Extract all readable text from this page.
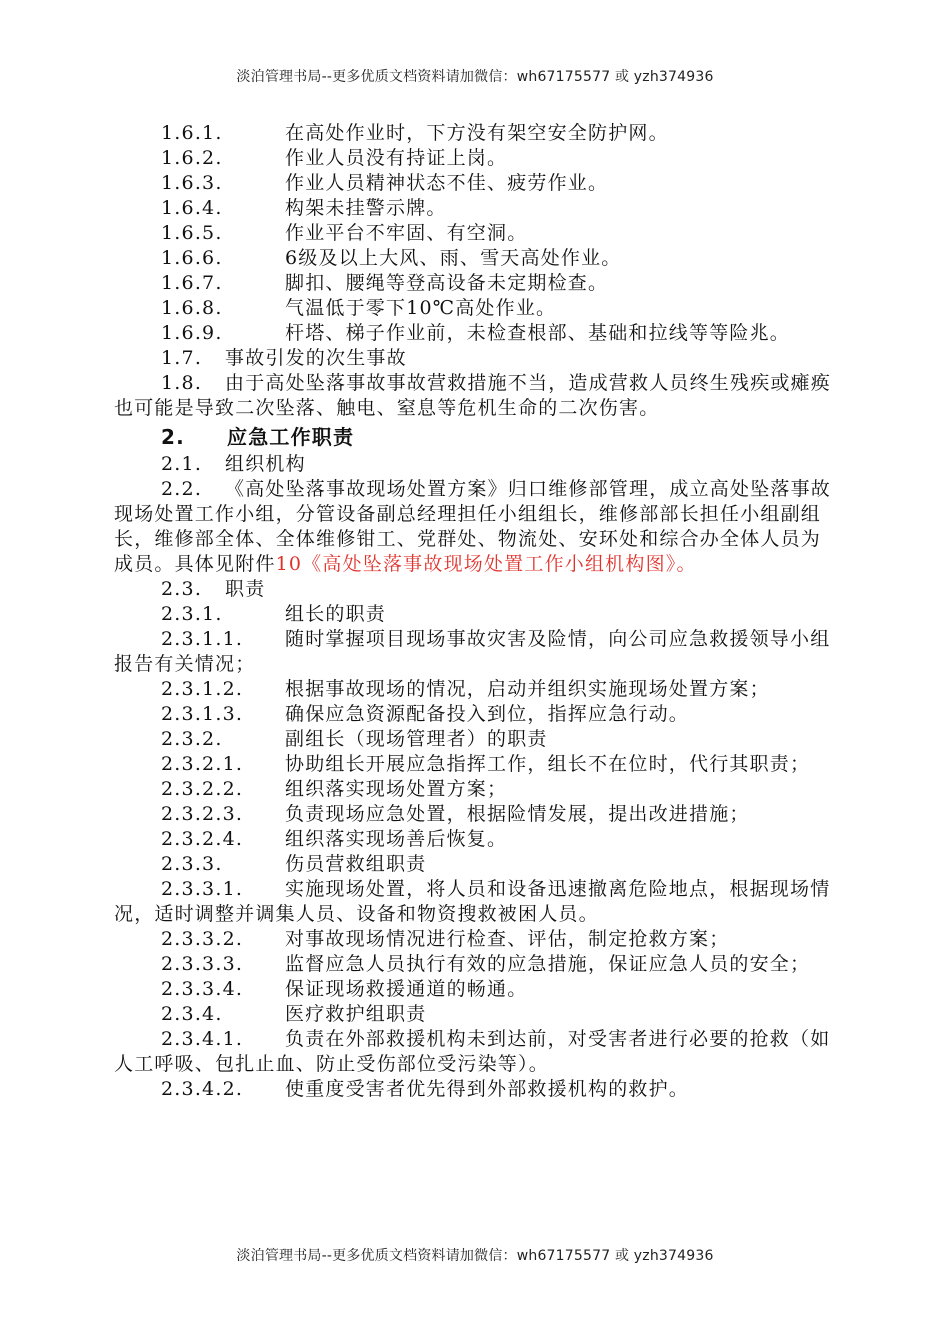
淡泊管理书局--更多优质文档资料请加微信：wh67175577 或 yzh374936

1.6.1.	在高处作业时，下方没有架空安全防护网。

1.6.2.	作业人员没有持证上岗。

1.6.3.	作业人员精神状态不佳、疲劳作业。

1.6.4.	构架未挂警示牌。

1.6.5.	作业平台不牢固、有空洞。

1.6.6.	6级及以上大风、雨、雪天高处作业。

1.6.7.	脚扣、腰绳等登高设备未定期检查。

1.6.8.	气温低于零下10℃高处作业。

1.6.9.	杆塔、梯子作业前，未检查根部、基础和拉线等等险兆。

1.7. 事故引发的次生事故

1.8. 由于高处坠落事故事故营救措施不当，造成营救人员终生残疾或瘫痪也可能是导致二次坠落、触电、窒息等危机生命的二次伤害。

2. 应急工作职责

2.1. 组织机构

2.2. 《高处坠落事故现场处置方案》归口维修部管理，成立高处坠落事故现场处置工作小组，分管设备副总经理担任小组组长，维修部部长担任小组副组长，维修部全体、全体维修钳工、党群处、物流处、安环处和综合办全体人员为成员。具体见附件10《高处坠落事故现场处置工作小组机构图》。

2.3. 职责

2.3.1.	组长的职责

2.3.1.1. 随时掌握项目现场事故灾害及险情，向公司应急救援领导小组报告有关情况；

2.3.1.2. 根据事故现场的情况，启动并组织实施现场处置方案；

2.3.1.3. 确保应急资源配备投入到位，指挥应急行动。

2.3.2.	副组长（现场管理者）的职责

2.3.2.1. 协助组长开展应急指挥工作，组长不在位时，代行其职责；

2.3.2.2. 组织落实现场处置方案；

2.3.2.3. 负责现场应急处置，根据险情发展，提出改进措施；

2.3.2.4. 组织落实现场善后恢复。

2.3.3.	伤员营救组职责

2.3.3.1. 实施现场处置，将人员和设备迅速撤离危险地点，根据现场情况，适时调整并调集人员、设备和物资搜救被困人员。

2.3.3.2. 对事故现场情况进行检查、评估，制定抢救方案；

2.3.3.3. 监督应急人员执行有效的应急措施，保证应急人员的安全；

2.3.3.4. 保证现场救援通道的畅通。

2.3.4.	医疗救护组职责

2.3.4.1. 负责在外部救援机构未到达前，对受害者进行必要的抢救（如人工呼吸、包扎止血、防止受伤部位受污染等）。

2.3.4.2. 使重度受害者优先得到外部救援机构的救护。

淡泊管理书局--更多优质文档资料请加微信：wh67175577 或 yzh374936
